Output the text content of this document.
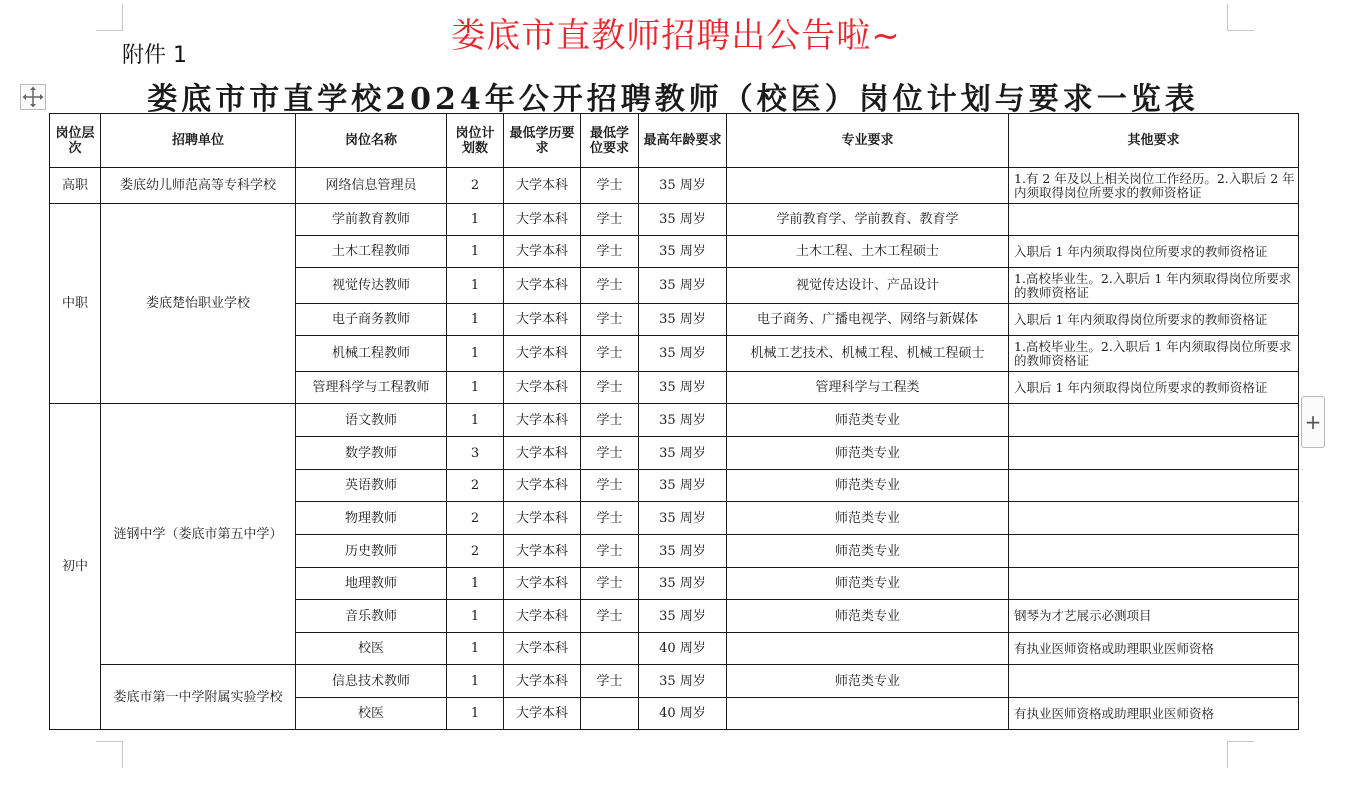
娄底市直教师招聘出公告啦~
附件 1
娄底市市直学校2024年公开招聘教师（校医）岗位计划与要求一览表
+
岗位层次	招聘单位	岗位名称	岗位计划数	最低学历要求	最低学位要求	最高年龄要求	专业要求	其他要求
高职	娄底幼儿师范高等专科学校	网络信息管理员	2	大学本科	学士	35 周岁		1.有 2 年及以上相关岗位工作经历。2.入职后 2 年内须取得岗位所要求的教师资格证
中职	娄底楚怡职业学校	学前教育教师	1	大学本科	学士	35 周岁	学前教育学、学前教育、教育学	
		土木工程教师	1	大学本科	学士	35 周岁	土木工程、土木工程硕士	入职后 1 年内须取得岗位所要求的教师资格证
		视觉传达教师	1	大学本科	学士	35 周岁	视觉传达设计、产品设计	1.高校毕业生。2.入职后 1 年内须取得岗位所要求的教师资格证
		电子商务教师	1	大学本科	学士	35 周岁	电子商务、广播电视学、网络与新媒体	入职后 1 年内须取得岗位所要求的教师资格证
		机械工程教师	1	大学本科	学士	35 周岁	机械工艺技术、机械工程、机械工程硕士	1.高校毕业生。2.入职后 1 年内须取得岗位所要求的教师资格证
		管理科学与工程教师	1	大学本科	学士	35 周岁	管理科学与工程类	入职后 1 年内须取得岗位所要求的教师资格证
初中	涟钢中学（娄底市第五中学）	语文教师	1	大学本科	学士	35 周岁	师范类专业	
		数学教师	3	大学本科	学士	35 周岁	师范类专业	
		英语教师	2	大学本科	学士	35 周岁	师范类专业	
		物理教师	2	大学本科	学士	35 周岁	师范类专业	
		历史教师	2	大学本科	学士	35 周岁	师范类专业	
		地理教师	1	大学本科	学士	35 周岁	师范类专业	
		音乐教师	1	大学本科	学士	35 周岁	师范类专业	钢琴为才艺展示必测项目
		校医	1	大学本科		40 周岁		有执业医师资格或助理职业医师资格
	娄底市第一中学附属实验学校	信息技术教师	1	大学本科	学士	35 周岁	师范类专业	
		校医	1	大学本科		40 周岁		有执业医师资格或助理职业医师资格
